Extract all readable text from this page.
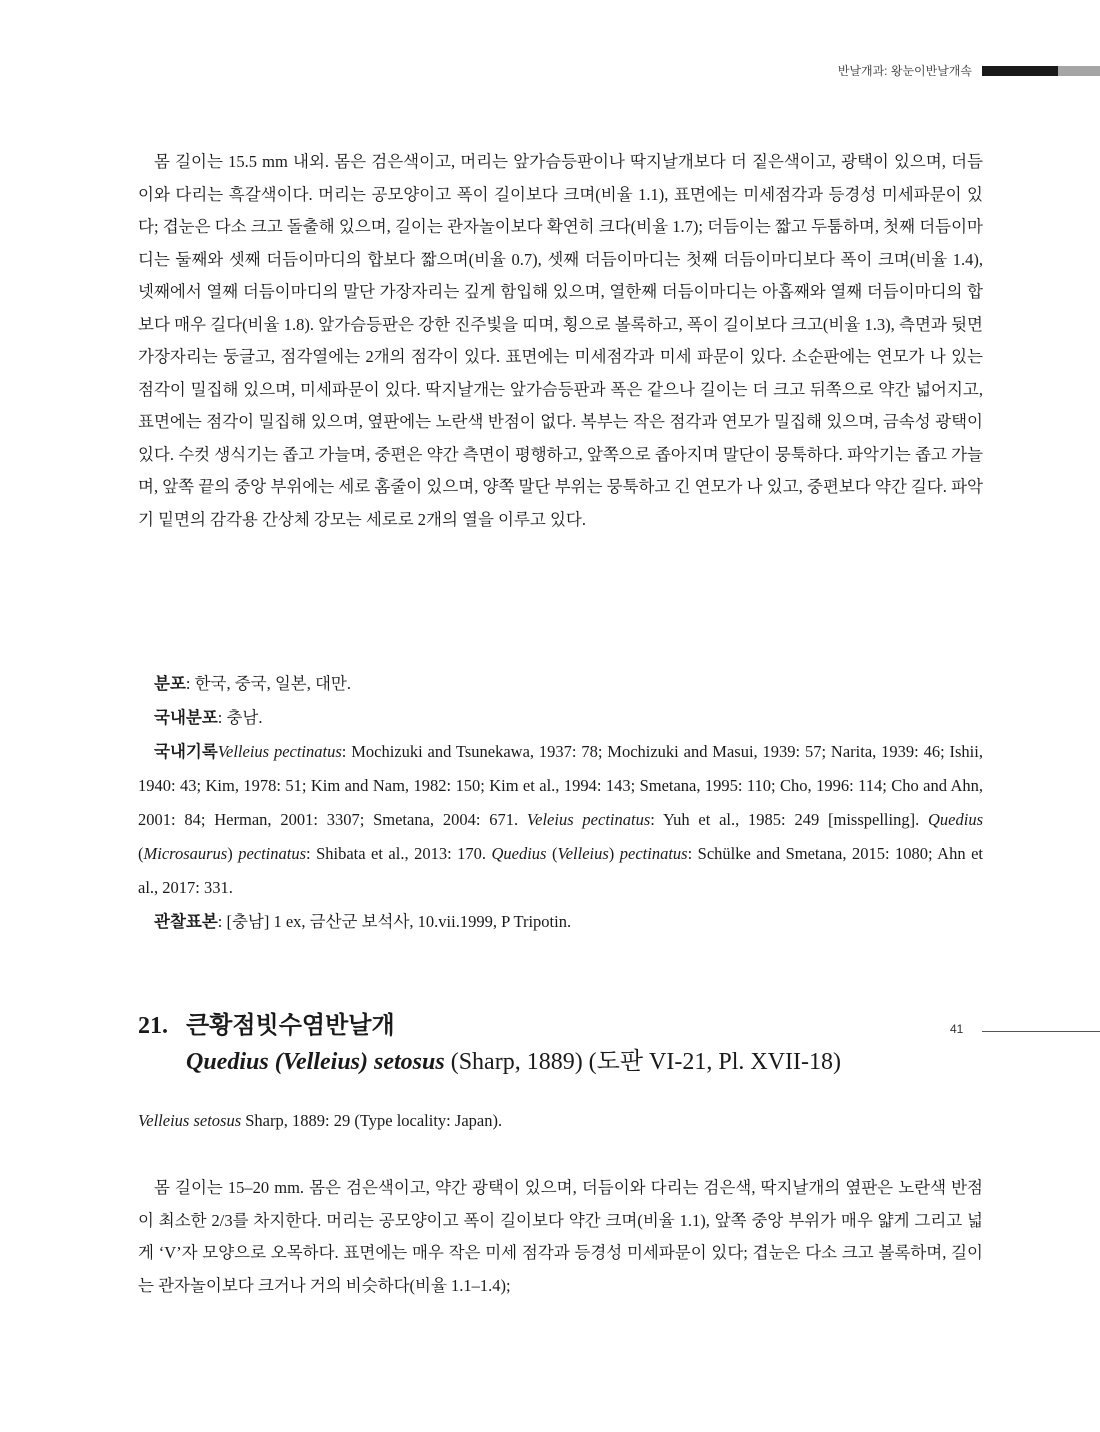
반날개과: 왕눈이반날개속

몸 길이는 15.5 mm 내외. 몸은 검은색이고, 머리는 앞가슴등판이나 딱지날개보다 더 짙은색이고, 광택이 있으며, 더듬이와 다리는 흑갈색이다. 머리는 공모양이고 폭이 길이보다 크며(비율 1.1), 표면에는 미세점각과 등경성 미세파문이 있다; 겹눈은 다소 크고 돌출해 있으며, 길이는 관자놀이보다 확연히 크다(비율 1.7); 더듬이는 짧고 두툼하며, 첫째 더듬이마디는 둘째와 셋째 더듬이마디의 합보다 짧으며(비율 0.7), 셋째 더듬이마디는 첫째 더듬이마디보다 폭이 크며(비율 1.4), 넷째에서 열째 더듬이마디의 말단 가장자리는 깊게 함입해 있으며, 열한째 더듬이마디는 아홉째와 열째 더듬이마디의 합보다 매우 길다(비율 1.8). 앞가슴등판은 강한 진주빛을 띠며, 횡으로 볼록하고, 폭이 길이보다 크고(비율 1.3), 측면과 뒷면 가장자리는 둥글고, 점각열에는 2개의 점각이 있다. 표면에는 미세점각과 미세 파문이 있다. 소순판에는 연모가 나 있는 점각이 밀집해 있으며, 미세파문이 있다. 딱지날개는 앞가슴등판과 폭은 같으나 길이는 더 크고 뒤쪽으로 약간 넓어지고, 표면에는 점각이 밀집해 있으며, 옆판에는 노란색 반점이 없다. 복부는 작은 점각과 연모가 밀집해 있으며, 금속성 광택이 있다. 수컷 생식기는 좁고 가늘며, 중편은 약간 측면이 평행하고, 앞쪽으로 좁아지며 말단이 뭉툭하다. 파악기는 좁고 가늘며, 앞쪽 끝의 중앙 부위에는 세로 홈줄이 있으며, 양쪽 말단 부위는 뭉툭하고 긴 연모가 나 있고, 중편보다 약간 길다. 파악기 밑면의 감각용 간상체 강모는 세로로 2개의 열을 이루고 있다.

분포: 한국, 중국, 일본, 대만.

국내분포: 충남.

국내기록Velleius pectinatus: Mochizuki and Tsunekawa, 1937: 78; Mochizuki and Masui, 1939: 57; Narita, 1939: 46; Ishii, 1940: 43; Kim, 1978: 51; Kim and Nam, 1982: 150; Kim et al., 1994: 143; Smetana, 1995: 110; Cho, 1996: 114; Cho and Ahn, 2001: 84; Herman, 2001: 3307; Smetana, 2004: 671. Veleius pectinatus: Yuh et al., 1985: 249 [misspelling]. Quedius (Microsaurus) pectinatus: Shibata et al., 2013: 170. Quedius (Velleius) pectinatus: Schülke and Smetana, 2015: 1080; Ahn et al., 2017: 331.

관찰표본: [충남] 1 ex, 금산군 보석사, 10.vii.1999, P Tripotin.

21. 큰황점빗수염반날개
Quedius (Velleius) setosus (Sharp, 1889) (도판 VI-21, Pl. XVII-18)
Velleius setosus Sharp, 1889: 29 (Type locality: Japan).

몸 길이는 15–20 mm. 몸은 검은색이고, 약간 광택이 있으며, 더듬이와 다리는 검은색, 딱지날개의 옆판은 노란색 반점이 최소한 2/3를 차지한다. 머리는 공모양이고 폭이 길이보다 약간 크며(비율 1.1), 앞쪽 중앙 부위가 매우 얇게 그리고 넓게 ‘V’자 모양으로 오목하다. 표면에는 매우 작은 미세 점각과 등경성 미세파문이 있다; 겹눈은 다소 크고 볼록하며, 길이는 관자놀이보다 크거나 거의 비슷하다(비율 1.1–1.4);

41
